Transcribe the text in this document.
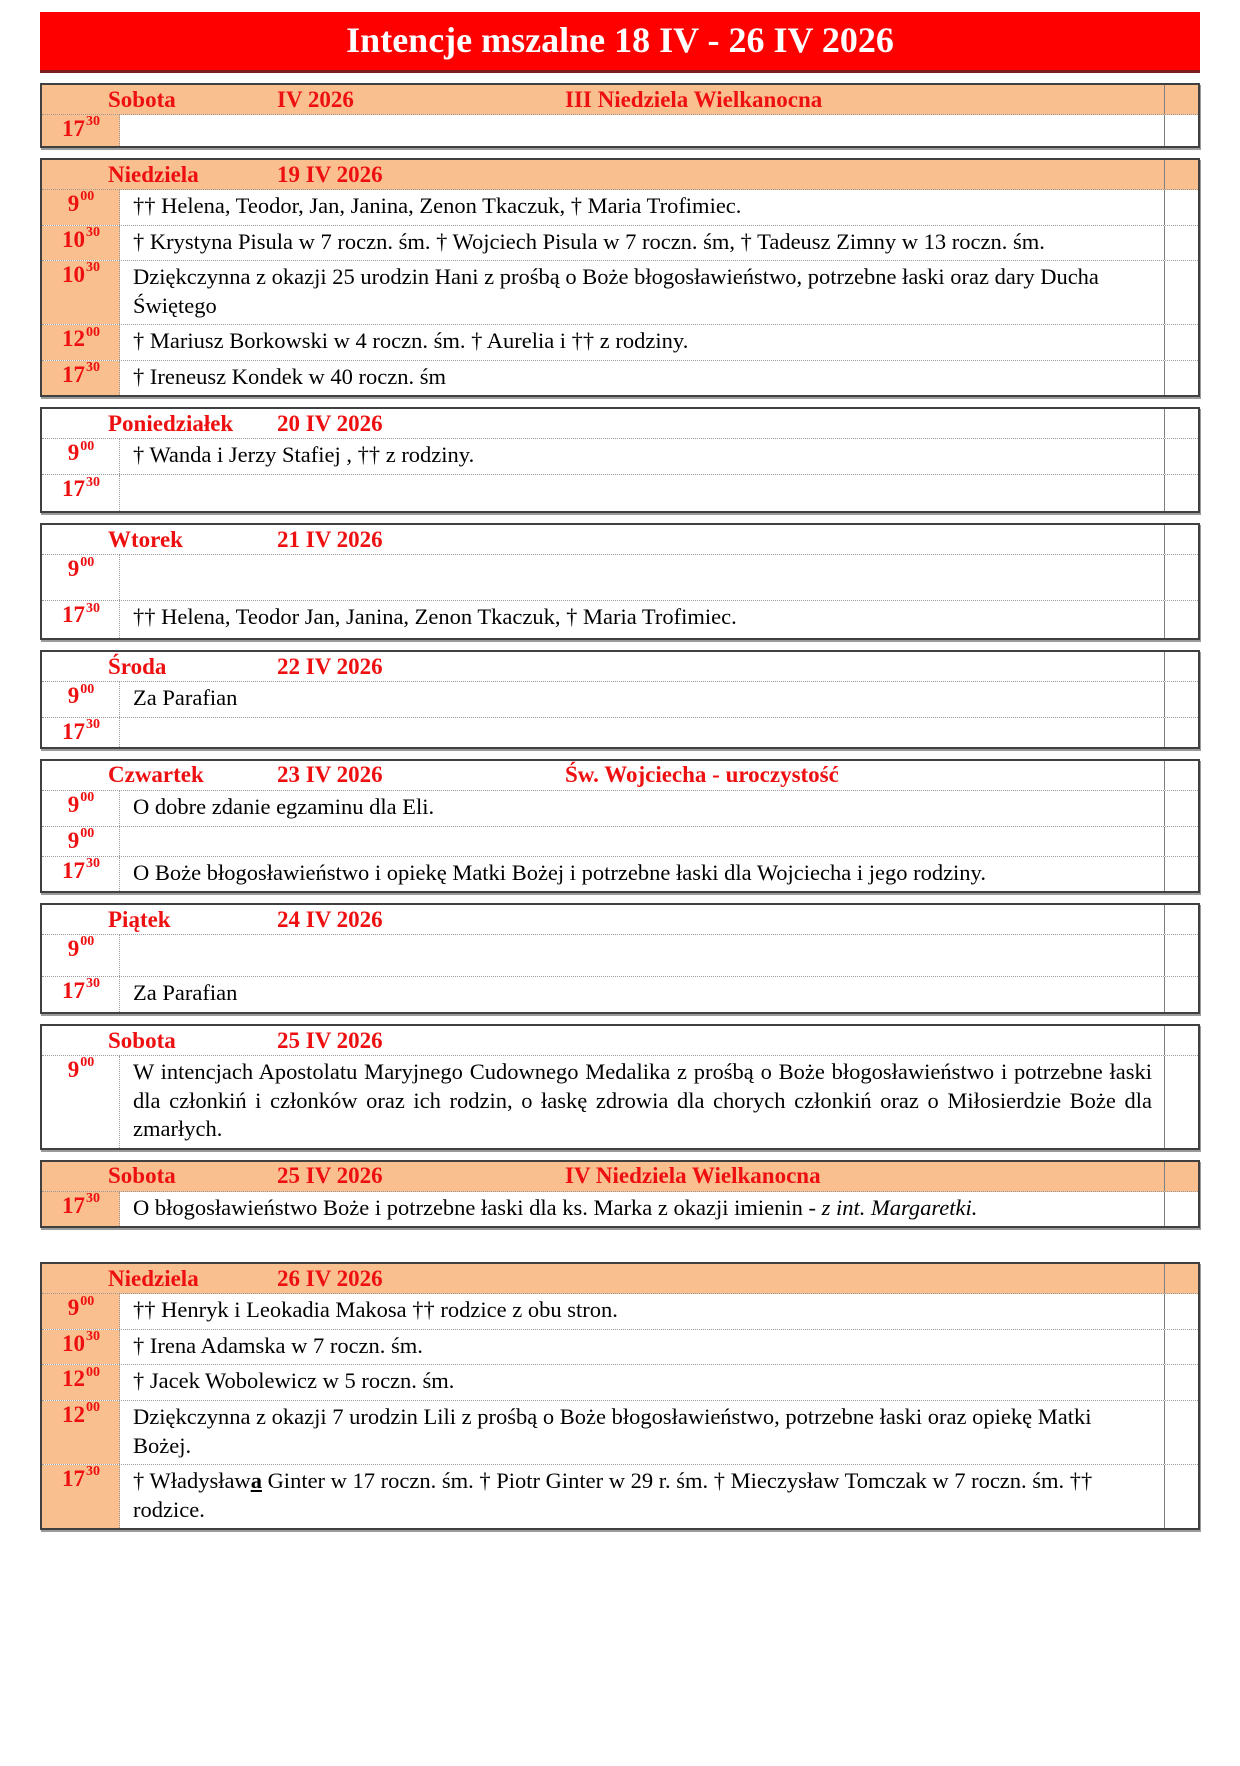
Intencje mszalne 18 IV - 26 IV 2026
Sobota	IV 2026	III Niedziela Wielkanocna
$17^{30}$
Niedziela	19 IV 2026
$9^{00}$	†† Helena, Teodor, Jan, Janina, Zenon Tkaczuk, † Maria Trofimiec.
$10^{30}$	† Krystyna Pisula w 7 roczn. śm. † Wojciech Pisula w 7 roczn. śm, † Tadeusz Zimny w 13 roczn. śm.
$10^{30}$	Dziękczynna z okazji 25 urodzin Hani z prośbą o Boże błogosławieństwo, potrzebne łaski oraz dary Ducha Świętego
$12^{00}$	† Mariusz Borkowski w 4 roczn. śm. † Aurelia i †† z rodziny.
$17^{30}$	† Ireneusz Kondek w 40 roczn. śm
Poniedziałek	20 IV 2026
$9^{00}$	† Wanda i Jerzy Stafiej , †† z rodziny.
$17^{30}$
Wtorek	21 IV 2026
$9^{00}$
$17^{30}$	†† Helena, Teodor Jan, Janina, Zenon Tkaczuk, † Maria Trofimiec.
Środa	22 IV 2026
$9^{00}$	Za Parafian
$17^{30}$
Czwartek	23 IV 2026	Św. Wojciecha - uroczystość
$9^{00}$	O dobre zdanie egzaminu dla Eli.
$9^{00}$
$17^{30}$	O Boże błogosławieństwo i opiekę Matki Bożej i potrzebne łaski dla Wojciecha i jego rodziny.
Piątek	24 IV 2026
$9^{00}$
$17^{30}$	Za Parafian
Sobota	25 IV 2026
$9^{00}$	W intencjach Apostolatu Maryjnego Cudownego Medalika z prośbą o Boże błogosławieństwo i potrzebne łaski dla członkiń i członków oraz ich rodzin, o łaskę zdrowia dla chorych członkiń oraz o Miłosierdzie Boże dla zmarłych.
Sobota	25 IV 2026	IV Niedziela Wielkanocna
$17^{30}$	O błogosławieństwo Boże i potrzebne łaski dla ks. Marka z okazji imienin - z int. Margaretki.
Niedziela	26 IV 2026
$9^{00}$	†† Henryk i Leokadia Makosa †† rodzice z obu stron.
$10^{30}$	† Irena Adamska w 7 roczn. śm.
$12^{00}$	† Jacek Wobolewicz w 5 roczn. śm.
$12^{00}$	Dziękczynna z okazji 7 urodzin Lili z prośbą o Boże błogosławieństwo, potrzebne łaski oraz opiekę Matki Bożej.
$17^{30}$	† Władysława Ginter w 17 roczn. śm. † Piotr Ginter w 29 r. śm. † Mieczysław Tomczak w 7 roczn. śm. †† rodzice.
